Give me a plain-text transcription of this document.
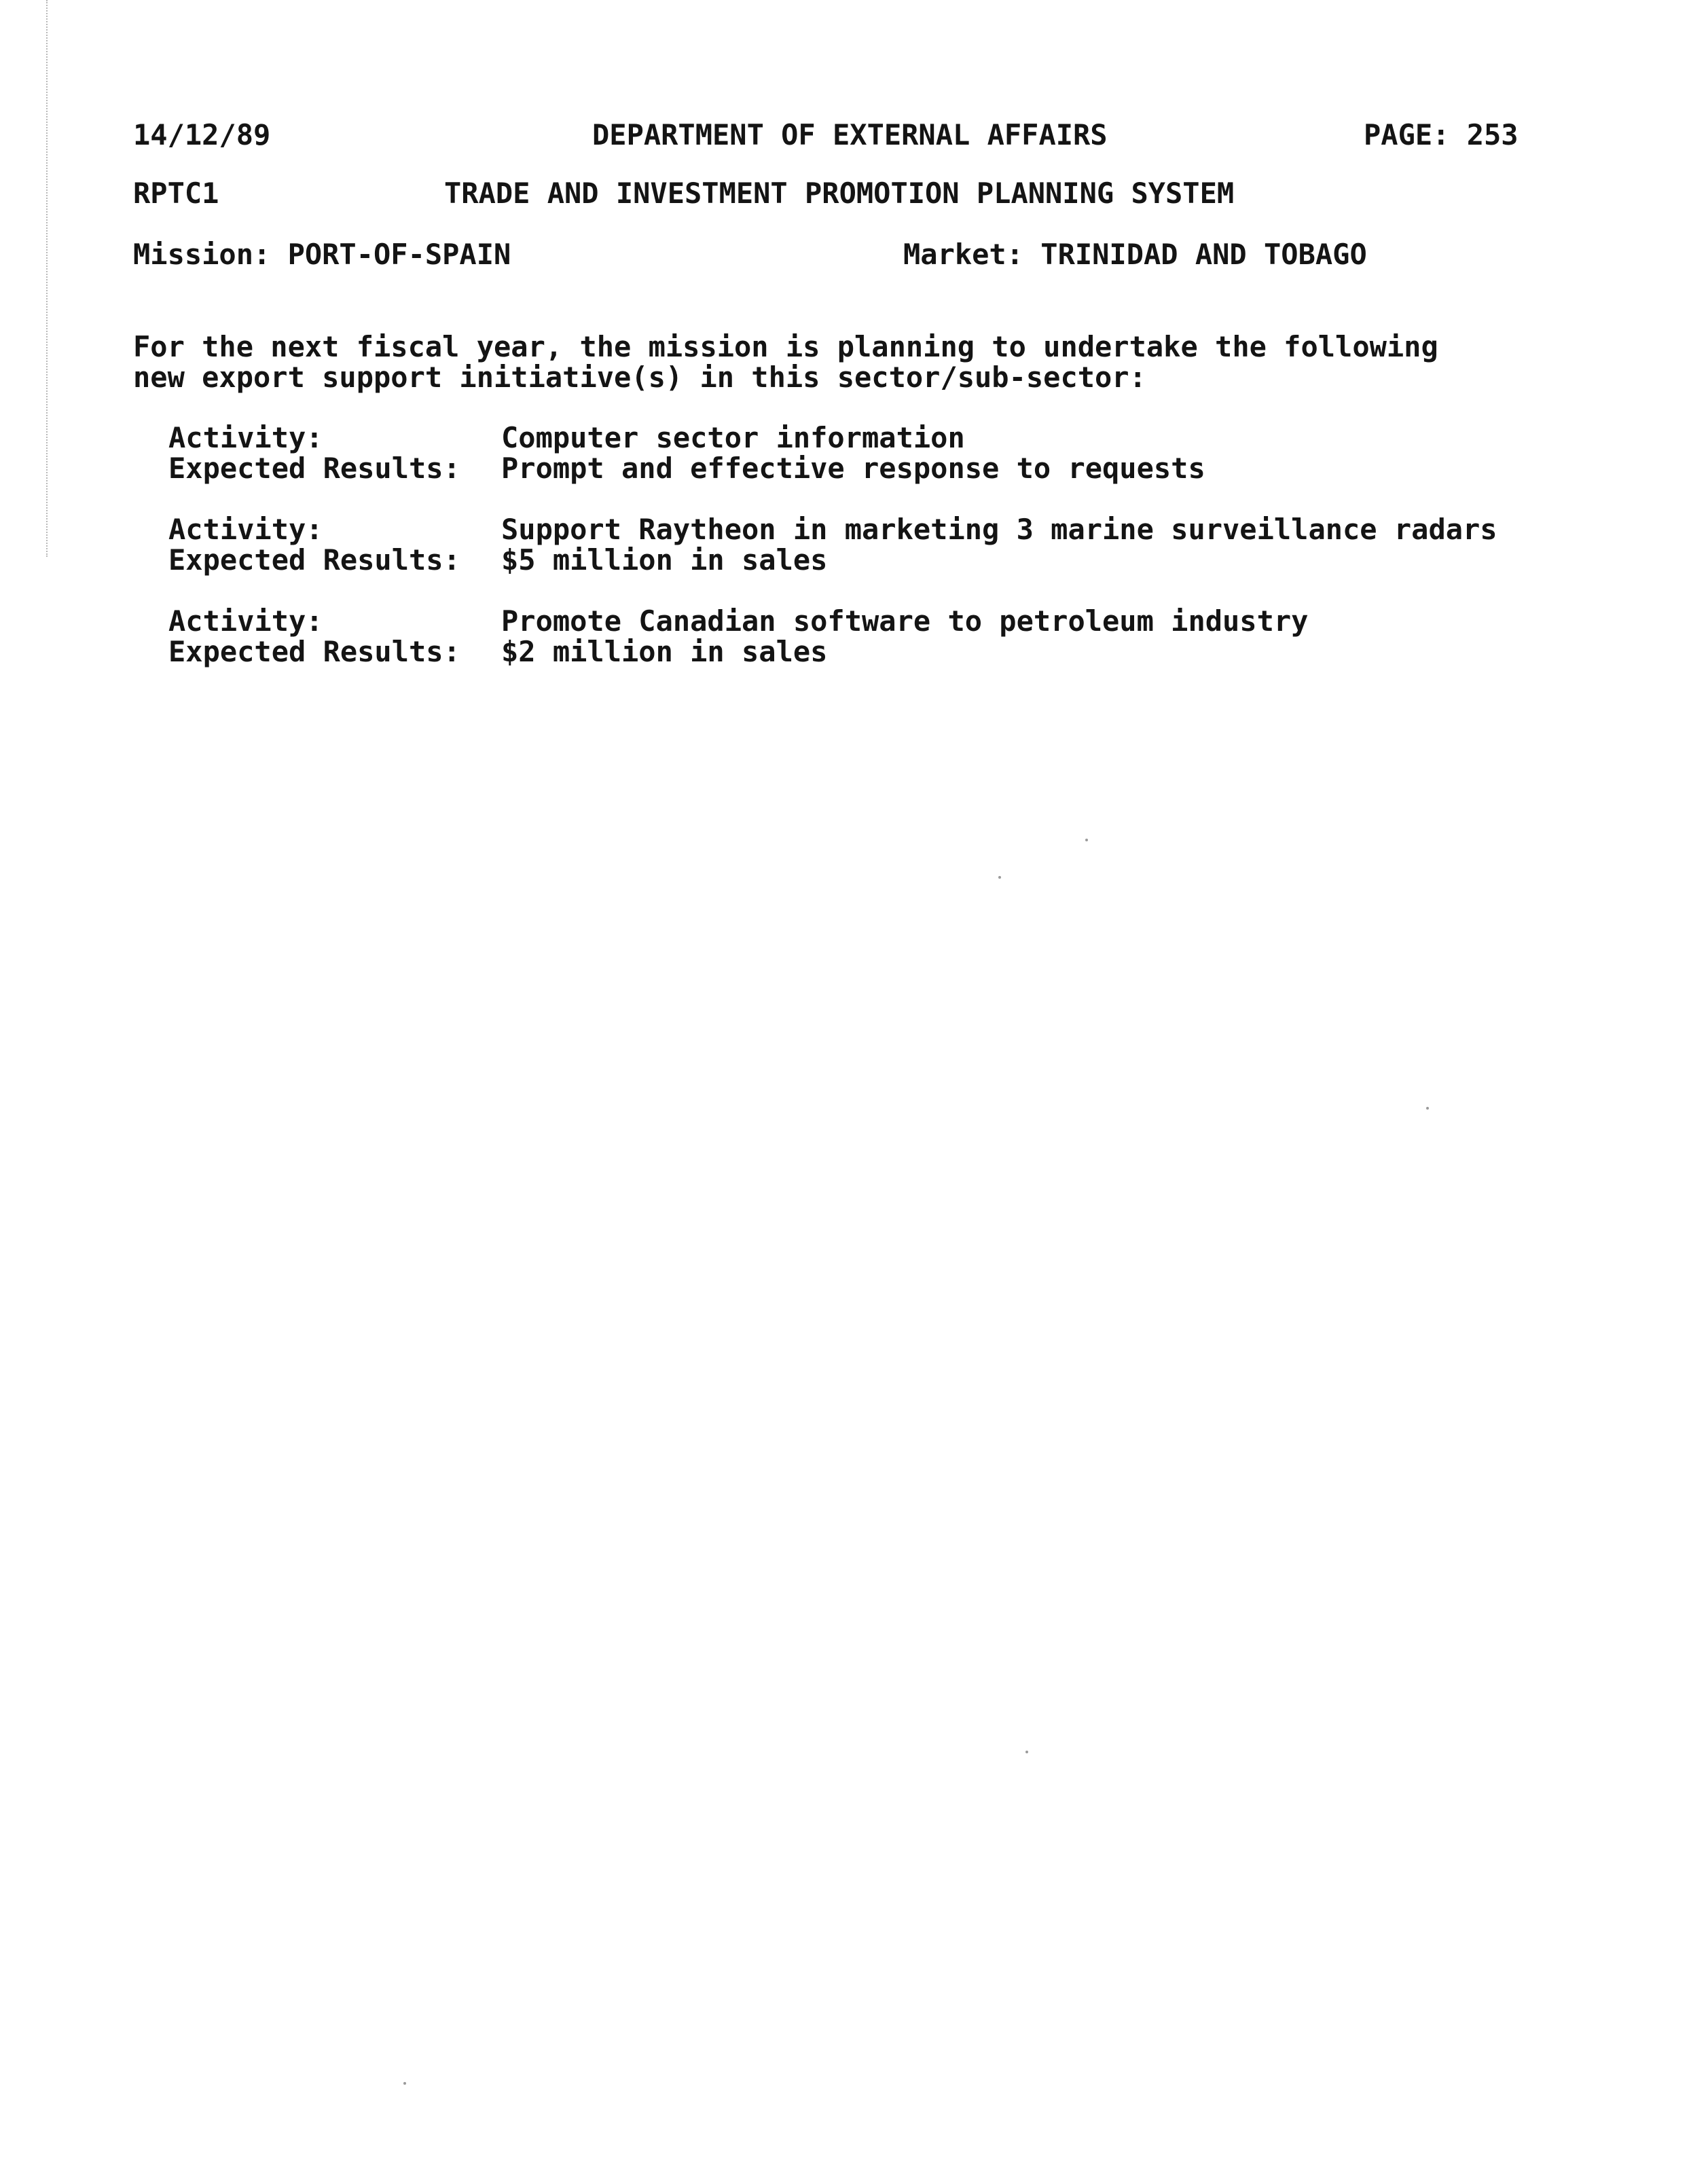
14/12/89	DEPARTMENT OF EXTERNAL AFFAIRS	PAGE: 253
RPTC1	TRADE AND INVESTMENT PROMOTION PLANNING SYSTEM
Mission: PORT-OF-SPAIN	Market: TRINIDAD AND TOBAGO
For the next fiscal year, the mission is planning to undertake the following
new export support initiative(s) in this sector/sub-sector:
Activity:	Computer sector information
Expected Results:	Prompt and effective response to requests
Activity:	Support Raytheon in marketing 3 marine surveillance radars
Expected Results:	$5 million in sales
Activity:	Promote Canadian software to petroleum industry
Expected Results:	$2 million in sales
